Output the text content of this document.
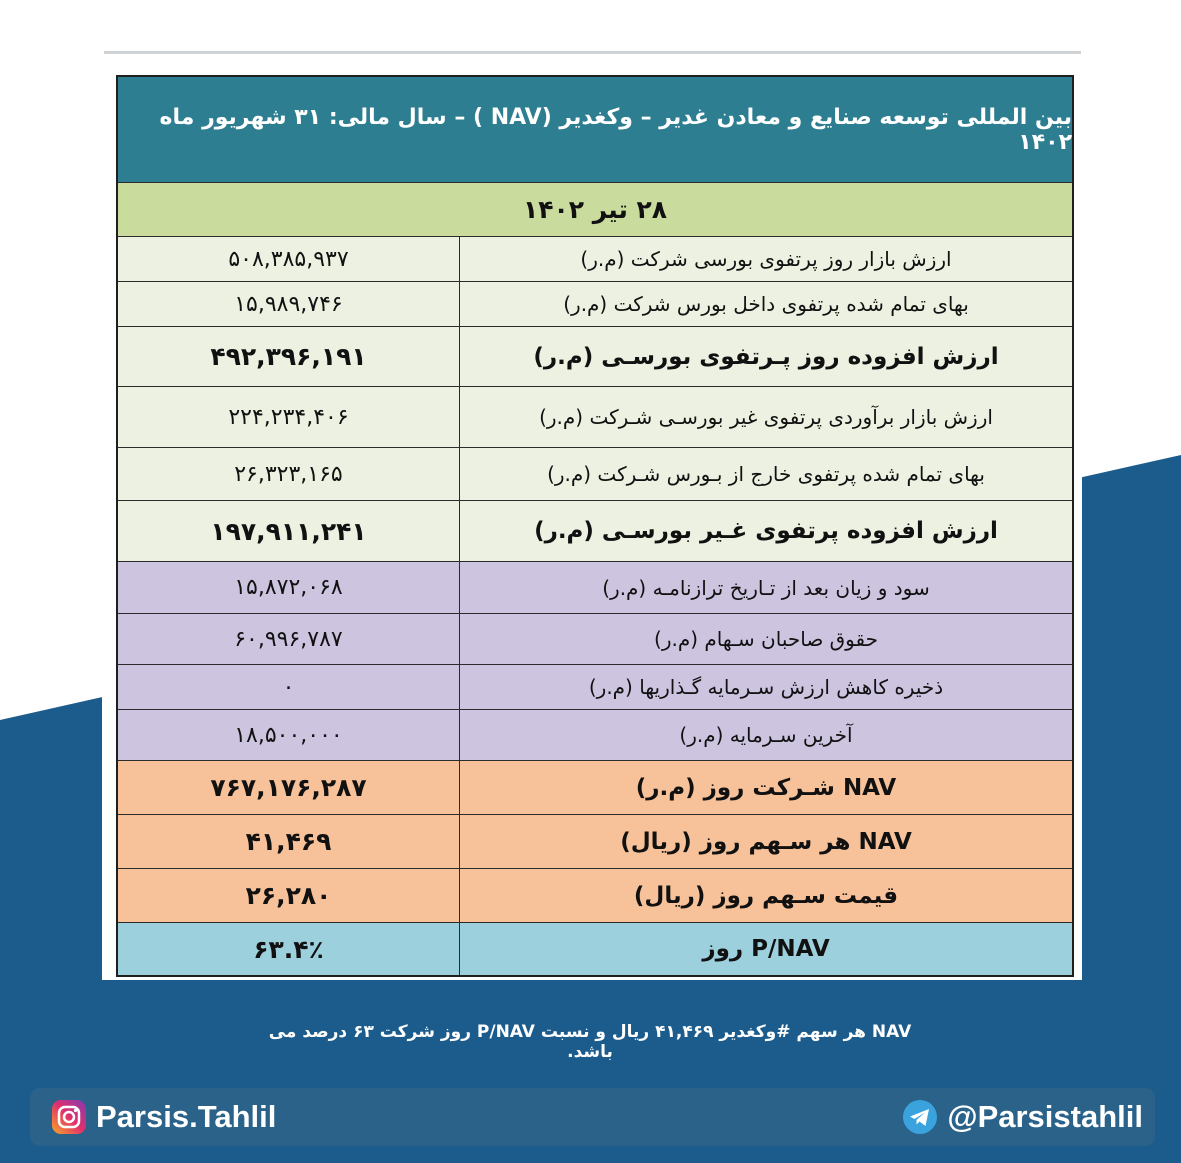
بین المللی توسعه صنایع و معادن غدیر – وکغدیر (NAV ) – سال مالی: ۳۱ شهریور ماه ۱۴۰۲
۲۸ تیر ۱۴۰۲
ارزش بازار روز پرتفوی بورسی شرکت (م.ر)
۵۰۸,۳۸۵,۹۳۷
بهای تمام شده پرتفوی داخل بورس شرکت (م.ر)
۱۵,۹۸۹,۷۴۶
ارزش افزوده روز پـرتفوی بورسـی (م.ر)
۴۹۲,۳۹۶,۱۹۱
ارزش بازار برآوردی پرتفوی غیر بورسـی شـرکت (م.ر)
۲۲۴,۲۳۴,۴۰۶
بهای تمام شده پرتفوی خارج از بـورس شـرکت (م.ر)
۲۶,۳۲۳,۱۶۵
ارزش افزوده پرتفوی غـیر بورسـی (م.ر)
۱۹۷,۹۱۱,۲۴۱
سود و زیان بعد از تـاریخ ترازنامـه (م.ر)
۱۵,۸۷۲,۰۶۸
حقوق صاحبان سـهام (م.ر)
۶۰,۹۹۶,۷۸۷
ذخیره کاهش ارزش سـرمایه گـذاریها (م.ر)
۰
آخرین سـرمایه (م.ر)
۱۸,۵۰۰,۰۰۰
NAV شـرکت روز (م.ر)
۷۶۷,۱۷۶,۲۸۷
NAV هر سـهم روز (ریال)
۴۱,۴۶۹
قیمت سـهم روز (ریال)
۲۶,۲۸۰
P/NAV روز
۶۳.۴٪
NAV هر سهم #وکغدیر ۴۱,۴۶۹ ریال و نسبت P/NAV روز شرکت ۶۳ درصد می باشد.
Parsis.Tahlil	@Parsistahlil
